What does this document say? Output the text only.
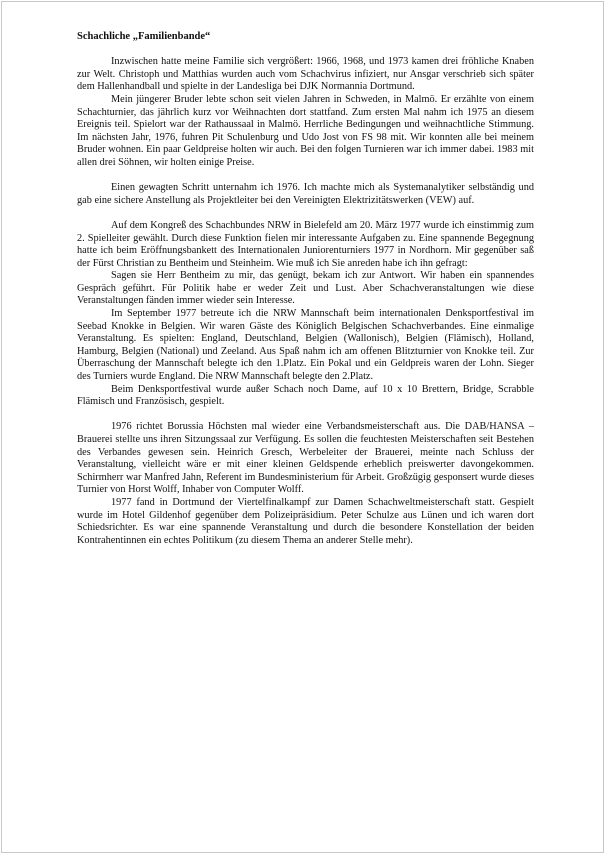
Schachliche „Familienbande“

Inzwischen hatte meine Familie sich vergrößert: 1966, 1968, und 1973 kamen drei fröhliche Knaben zur Welt. Christoph und Matthias wurden auch vom Schachvirus infiziert, nur Ansgar verschrieb sich später dem Hallenhandball und spielte in der Landesliga bei DJK Normannia Dortmund.

Mein jüngerer Bruder lebte schon seit vielen Jahren in Schweden, in Malmö. Er erzählte von einem Schachturnier, das jährlich kurz vor Weihnachten dort stattfand. Zum ersten Mal nahm ich 1975 an diesem Ereignis teil. Spielort war der Rathaussaal in Malmö. Herrliche Bedingungen und weihnachtliche Stimmung. Im nächsten Jahr, 1976, fuhren Pit Schulenburg und Udo Jost von FS 98 mit. Wir konnten alle bei meinem Bruder wohnen. Ein paar Geldpreise holten wir auch. Bei den folgen Turnieren war ich immer dabei. 1983 mit allen drei Söhnen, wir holten einige Preise.

Einen gewagten Schritt unternahm ich 1976. Ich machte mich als Systemanalytiker selbständig und gab eine sichere Anstellung als Projektleiter bei den Vereinigten Elektrizitätswerken (VEW) auf.

Auf dem Kongreß des Schachbundes NRW in Bielefeld am 20. März 1977 wurde ich einstimmig zum 2. Spielleiter gewählt. Durch diese Funktion fielen mir interessante Aufgaben zu. Eine spannende Begegnung hatte ich beim Eröffnungsbankett des Internationalen Juniorenturniers 1977 in Nordhorn. Mir gegenüber saß der Fürst Christian zu Bentheim und Steinheim. Wie muß ich Sie anreden habe ich ihn gefragt:

Sagen sie Herr Bentheim zu mir, das genügt, bekam ich zur Antwort. Wir haben ein spannendes Gespräch geführt. Für Politik habe er weder Zeit und Lust. Aber Schachveranstaltungen wie diese Veranstaltungen fänden immer wieder sein Interesse.

Im September 1977 betreute ich die NRW Mannschaft beim internationalen Denksportfestival im Seebad Knokke in Belgien. Wir waren Gäste des Königlich Belgischen Schachverbandes. Eine einmalige Veranstaltung. Es spielten: England, Deutschland, Belgien (Wallonisch), Belgien (Flämisch), Holland, Hamburg, Belgien (National) und Zeeland. Aus Spaß nahm ich am offenen Blitzturnier von Knokke teil. Zur Überraschung der Mannschaft belegte ich den 1.Platz. Ein Pokal und ein Geldpreis waren der Lohn. Sieger des Turniers wurde England. Die NRW Mannschaft belegte den 2.Platz.

Beim Denksportfestival wurde außer Schach noch Dame, auf 10 x 10 Brettern, Bridge, Scrabble Flämisch und Französisch, gespielt.

1976 richtet Borussia Höchsten mal wieder eine Verbandsmeisterschaft aus. Die DAB/HANSA – Brauerei stellte uns ihren Sitzungssaal zur Verfügung. Es sollen die feuchtesten Meisterschaften seit Bestehen des Verbandes gewesen sein. Heinrich Gresch, Werbeleiter der Brauerei, meinte nach Schluss der Veranstaltung, vielleicht wäre er mit einer kleinen Geldspende erheblich preiswerter davongekommen. Schirmherr war Manfred Jahn, Referent im Bundesministerium für Arbeit. Großzügig gesponsert wurde dieses Turnier von Horst Wolff, Inhaber von Computer Wolff.

1977 fand in Dortmund der Viertelfinalkampf zur Damen Schachweltmeisterschaft statt. Gespielt wurde im Hotel Gildenhof gegenüber dem Polizeipräsidium. Peter Schulze aus Lünen und ich waren dort Schiedsrichter. Es war eine spannende Veranstaltung und durch die besondere Konstellation der beiden Kontrahentinnen ein echtes Politikum (zu diesem Thema an anderer Stelle mehr).
